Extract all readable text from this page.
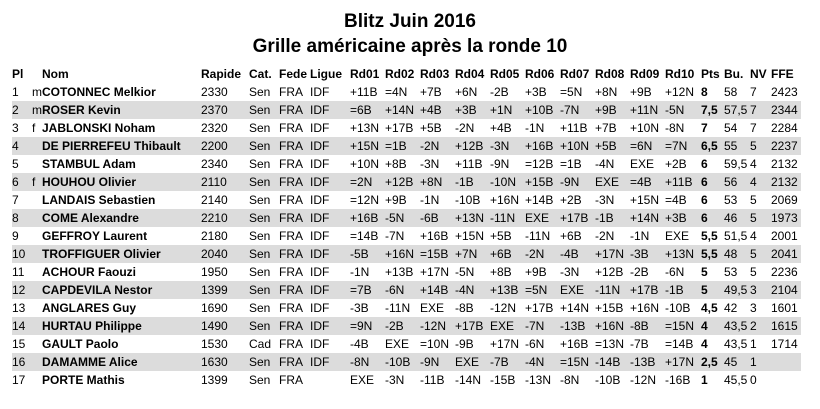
Blitz Juin 2016
Grille américaine après la ronde 10
Pl		Nom	Rapide	Cat.	Fede	Ligue	Rd01	Rd02	Rd03	Rd04	Rd05	Rd06	Rd07	Rd08	Rd09	Rd10	Pts	Bu.	NV	FFE
1	m	COTONNEC Melkior	2330	Sen	FRA	IDF	+11B	=4N	+7B	+6N	-2B	+3B	=5N	+8N	+9B	+12N	8	58	7	2423
2	m	ROSER Kevin	2370	Sen	FRA	IDF	=6B	+14N	+4B	+3B	+1N	+10B	-7N	+9B	+11N	-5N	7,5	57,5	7	2344
3	f	JABLONSKI Noham	2320	Sen	FRA	IDF	+13N	+17B	+5B	-2N	+4B	-1N	+11B	+7B	+10N	-8N	7	54	7	2284
4		DE PIERREFEU Thibault	2200	Sen	FRA	IDF	+15N	=1B	-2N	+12B	-3N	+16B	+10N	+5B	=6N	=7N	6,5	55	5	2237
5		STAMBUL Adam	2340	Sen	FRA	IDF	+10N	+8B	-3N	+11B	-9N	=12B	=1B	-4N	EXE	+2B	6	59,5	4	2132
6	f	HOUHOU Olivier	2110	Sen	FRA	IDF	=2N	+12B	+8N	-1B	-10N	+15B	-9N	EXE	=4B	+11B	6	56	4	2132
7		LANDAIS Sebastien	2140	Sen	FRA	IDF	=12N	+9B	-1N	-10B	+16N	+14B	+2B	-3N	+15N	=4B	6	53	5	2069
8		COME Alexandre	2210	Sen	FRA	IDF	+16B	-5N	-6B	+13N	-11N	EXE	+17B	-1B	+14N	+3B	6	46	5	1973
9		GEFFROY Laurent	2180	Sen	FRA	IDF	=14B	-7N	+16B	+15N	+5B	-11N	+6B	-2N	-1N	EXE	5,5	51,5	4	2001
10		TROFFIGUER Olivier	2040	Sen	FRA	IDF	-5B	+16N	=15B	+7N	+6B	-2N	-4B	+17N	-3B	+13N	5,5	48	5	2041
11		ACHOUR Faouzi	1950	Sen	FRA	IDF	-1N	+13B	+17N	-5N	+8B	+9B	-3N	+12B	-2B	-6N	5	53	5	2236
12		CAPDEVILA Nestor	1399	Sen	FRA	IDF	=7B	-6N	+14B	-4N	+13B	=5N	EXE	-11N	+17B	-1B	5	49,5	3	2104
13		ANGLARES Guy	1690	Sen	FRA	IDF	-3B	-11N	EXE	-8B	-12N	+17B	+14N	+15B	+16N	-10B	4,5	42	3	1601
14		HURTAU Philippe	1490	Sen	FRA	IDF	=9N	-2B	-12N	+17B	EXE	-7N	-13B	+16N	-8B	=15N	4	43,5	2	1615
15		GAULT Paolo	1530	Cad	FRA	IDF	-4B	EXE	=10N	-9B	+17N	-6N	+16B	=13N	-7B	=14B	4	43,5	1	1714
16		DAMAMME Alice	1630	Sen	FRA	IDF	-8N	-10B	-9N	EXE	-7B	-4N	=15N	-14B	-13B	+17N	2,5	45	1	
17		PORTE Mathis	1399	Sen	FRA		EXE	-3N	-11B	-14N	-15B	-13N	-8N	-10B	-12N	-16B	1	45,5	0	
